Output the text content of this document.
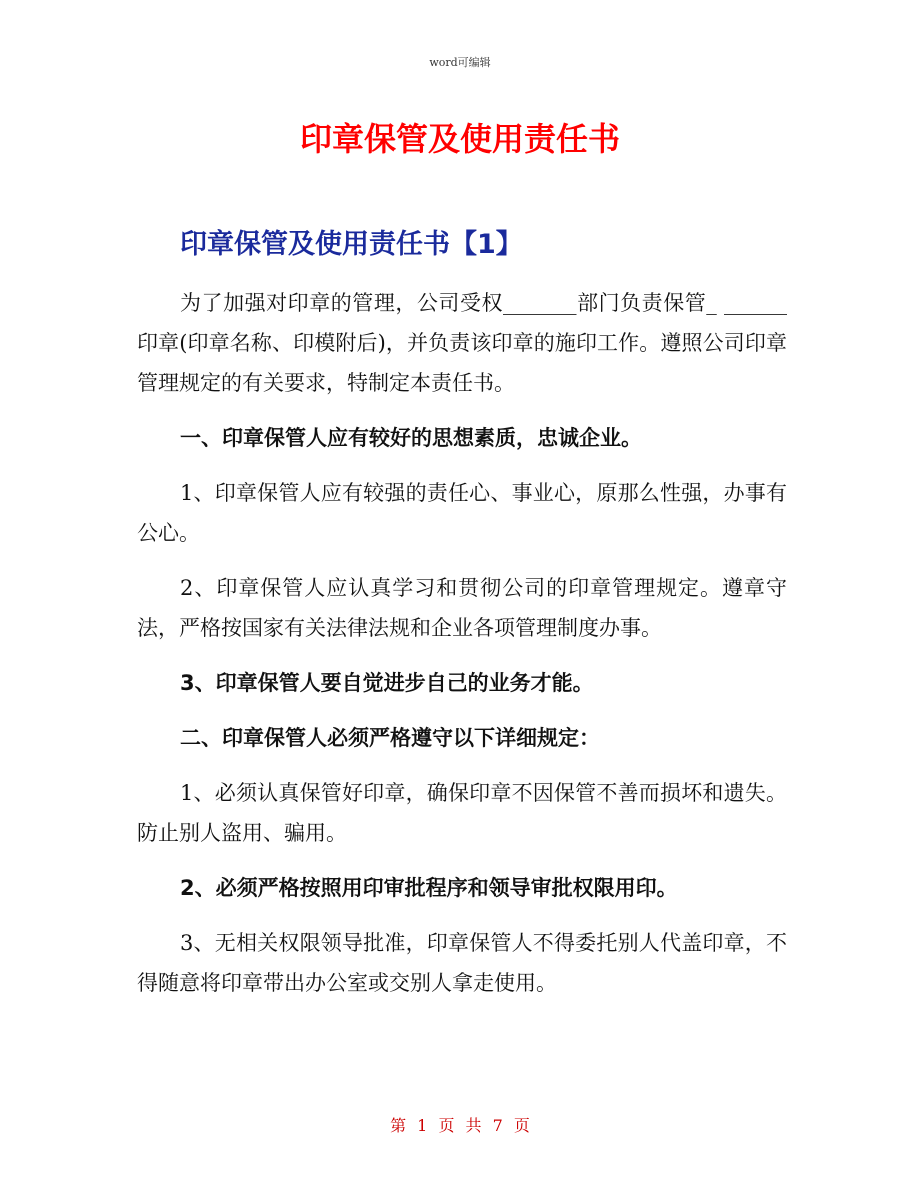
word可编辑
印章保管及使用责任书
印章保管及使用责任书【1】

为了加强对印章的管理，公司受权_______部门负责保管_ ______印章(印章名称、印模附后)，并负责该印章的施印工作。遵照公司印章管理规定的有关要求，特制定本责任书。

一、印章保管人应有较好的思想素质，忠诚企业。

1、印章保管人应有较强的责任心、事业心，原那么性强，办事有公心。

2、印章保管人应认真学习和贯彻公司的印章管理规定。遵章守法，严格按国家有关法律法规和企业各项管理制度办事。

3、印章保管人要自觉进步自己的业务才能。

二、印章保管人必须严格遵守以下详细规定：

1、必须认真保管好印章，确保印章不因保管不善而损坏和遗失。防止别人盗用、骗用。

2、必须严格按照用印审批程序和领导审批权限用印。

3、无相关权限领导批准，印章保管人不得委托别人代盖印章，不得随意将印章带出办公室或交别人拿走使用。

第 1 页 共 7 页
